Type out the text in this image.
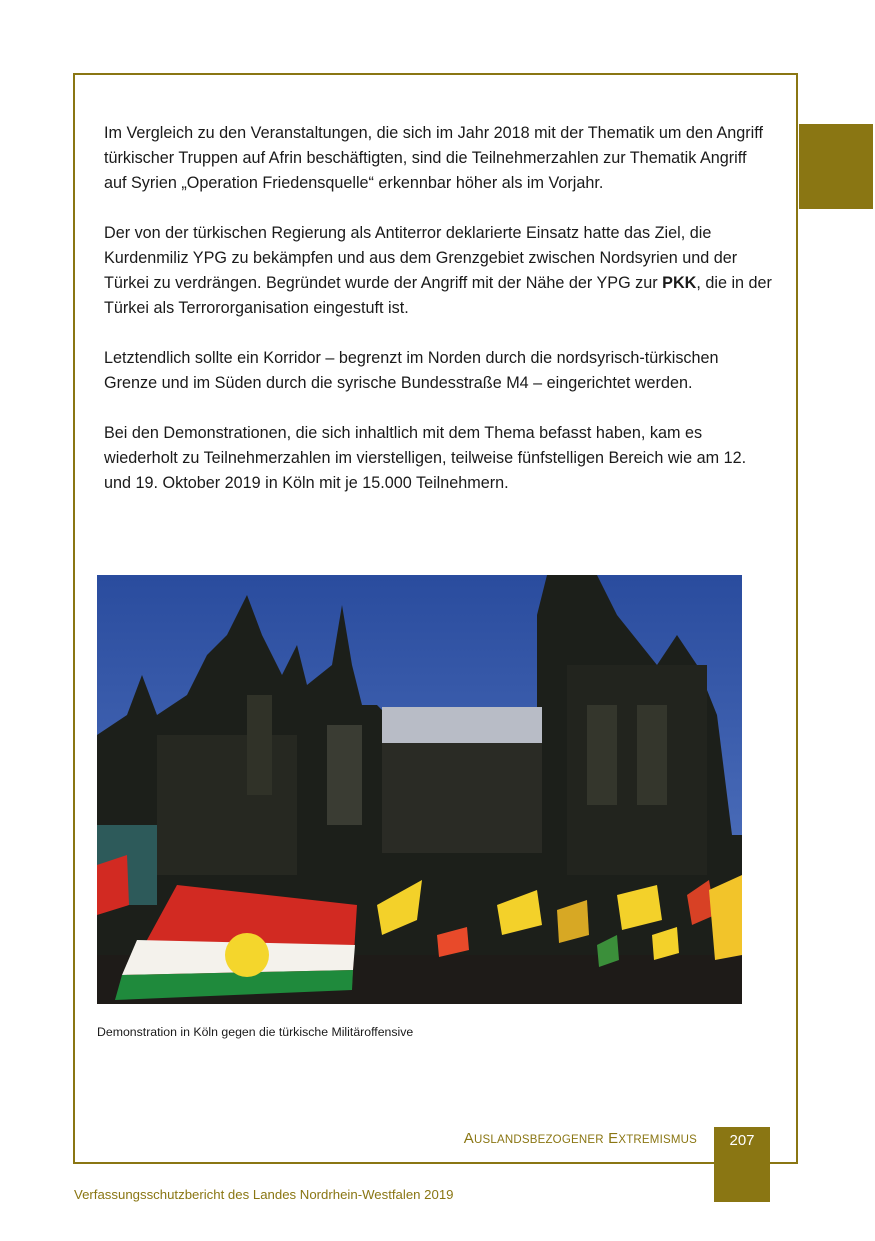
Im Vergleich zu den Veranstaltungen, die sich im Jahr 2018 mit der Thematik um den Angriff türkischer Truppen auf Afrin beschäftigten, sind die Teilnehmerzahlen zur Thematik Angriff auf Syrien „Operation Friedensquelle“ erkennbar höher als im Vorjahr.

Der von der türkischen Regierung als Antiterror deklarierte Einsatz hatte das Ziel, die Kurdenmiliz YPG zu bekämpfen und aus dem Grenzgebiet zwischen Nordsyrien und der Türkei zu verdrängen. Begründet wurde der Angriff mit der Nähe der YPG zur PKK, die in der Türkei als Terrororganisation eingestuft ist.

Letztendlich sollte ein Korridor – begrenzt im Norden durch die nordsyrisch-türkischen Grenze und im Süden durch die syrische Bundesstraße M4 – eingerichtet werden.

Bei den Demonstrationen, die sich inhaltlich mit dem Thema befasst haben, kam es wiederholt zu Teilnehmerzahlen im vierstelligen, teilweise fünfstelligen Bereich wie am 12. und 19. Oktober 2019 in Köln mit je 15.000 Teilnehmern.

Demonstration in Köln gegen die türkische Militäroffensive
AUSLANDSBEZOGENER EXTREMISMUS	207
Verfassungsschutzbericht des Landes Nordrhein-Westfalen 2019
